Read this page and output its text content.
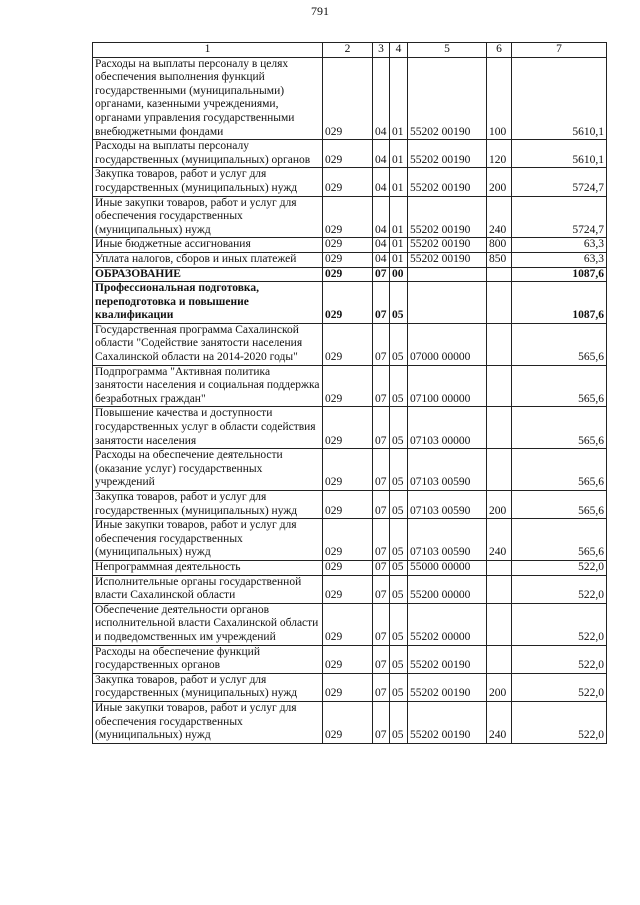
791
1	2	3	4	5	6	7
Расходы на выплаты персоналу в целях обеспечения выполнения функций государственными (муниципальными) органами, казенными учреждениями, органами управления государственными внебюджетными фондами	029	04	01	55202 00190	100	5610,1
Расходы на выплаты персоналу государственных (муниципальных) органов	029	04	01	55202 00190	120	5610,1
Закупка товаров, работ и услуг для государственных (муниципальных) нужд	029	04	01	55202 00190	200	5724,7
Иные закупки товаров, работ и услуг для обеспечения государственных (муниципальных) нужд	029	04	01	55202 00190	240	5724,7
Иные бюджетные ассигнования	029	04	01	55202 00190	800	63,3
Уплата налогов, сборов и иных платежей	029	04	01	55202 00190	850	63,3
ОБРАЗОВАНИЕ	029	07	00			1087,6
Профессиональная подготовка, переподготовка и повышение квалификации	029	07	05			1087,6
Государственная программа Сахалинской области "Содействие занятости населения Сахалинской области на 2014-2020 годы"	029	07	05	07000 00000		565,6
Подпрограмма "Активная политика занятости населения и социальная поддержка безработных граждан"	029	07	05	07100 00000		565,6
Повышение качества и доступности государственных услуг в области содействия занятости населения	029	07	05	07103 00000		565,6
Расходы на обеспечение деятельности (оказание услуг) государственных учреждений	029	07	05	07103 00590		565,6
Закупка товаров, работ и услуг для государственных (муниципальных) нужд	029	07	05	07103 00590	200	565,6
Иные закупки товаров, работ и услуг для обеспечения государственных (муниципальных) нужд	029	07	05	07103 00590	240	565,6
Непрограммная деятельность	029	07	05	55000 00000		522,0
Исполнительные органы государственной власти Сахалинской области	029	07	05	55200 00000		522,0
Обеспечение деятельности органов исполнительной власти Сахалинской области и подведомственных им учреждений	029	07	05	55202 00000		522,0
Расходы на обеспечение функций государственных органов	029	07	05	55202 00190		522,0
Закупка товаров, работ и услуг для государственных (муниципальных) нужд	029	07	05	55202 00190	200	522,0
Иные закупки товаров, работ и услуг для обеспечения государственных (муниципальных) нужд	029	07	05	55202 00190	240	522,0
